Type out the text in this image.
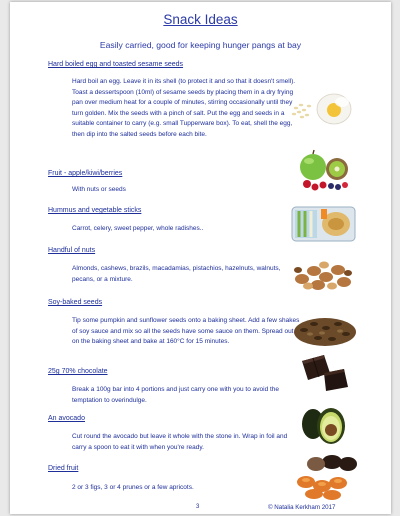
Snack Ideas
Easily carried, good for keeping hunger pangs at bay
Hard boiled egg and toasted sesame seeds
Hard boil an egg. Leave it in its shell (to protect it and so that it doesn't smell). Toast a dessertspoon (10ml) of sesame seeds by placing them in a dry frying pan over medium heat for a couple of minutes, stirring occasionally until they turn golden. Mix the seeds with a pinch of salt. Put the egg and seeds in a suitable container to carry (e.g. small Tupperware box). To eat, shell the egg, then dip into the salted seeds before each bite.
Fruit - apple/kiwi/berries
With nuts or seeds
Hummus and vegetable sticks
Carrot, celery, sweet pepper, whole radishes..
Handful of nuts
Almonds, cashews, brazils, macadamias, pistachios, hazelnuts, walnuts, pecans, or a mixture.
Soy-baked seeds
Tip some pumpkin and sunflower seeds onto a baking sheet. Add a few shakes of soy sauce and mix so all the seeds have some sauce on them. Spread out on the baking sheet and bake at 160°C for 15 minutes.
25g 70% chocolate
Break a 100g bar into 4 portions and just carry one with you to avoid the temptation to overindulge.
An avocado
Cut round the avocado but leave it whole with the stone in. Wrap in foil and carry a spoon to eat it with when you're ready.
Dried fruit
2 or 3 figs, 3 or 4 prunes or a few apricots.
3	© Natalia Kerkham 2017
